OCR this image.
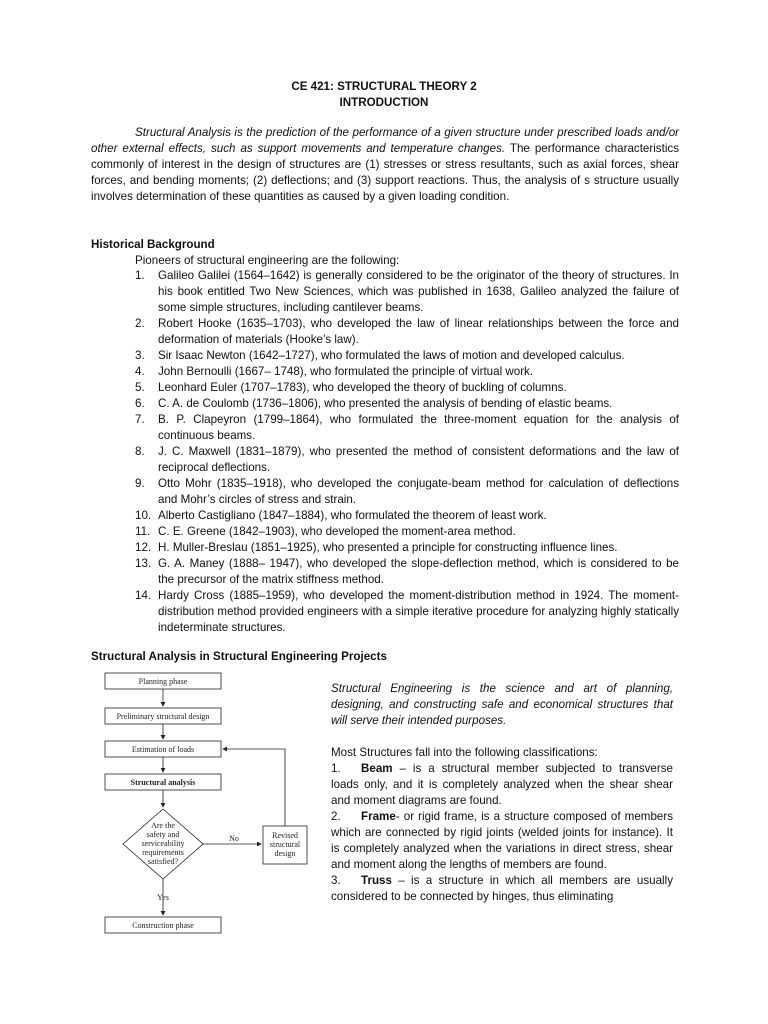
CE 421: STRUCTURAL THEORY 2
INTRODUCTION

Structural Analysis is the prediction of the performance of a given structure under prescribed loads and/or other external effects, such as support movements and temperature changes. The performance characteristics commonly of interest in the design of structures are (1) stresses or stress resultants, such as axial forces, shear forces, and bending moments; (2) deflections; and (3) support reactions. Thus, the analysis of s structure usually involves determination of these quantities as caused by a given loading condition.

Historical Background
Pioneers of structural engineering are the following:
1. Galileo Galilei (1564–1642) is generally considered to be the originator of the theory of structures. In his book entitled Two New Sciences, which was published in 1638, Galileo analyzed the failure of some simple structures, including cantilever beams.
2. Robert Hooke (1635–1703), who developed the law of linear relationships between the force and deformation of materials (Hooke’s law).
3. Sir Isaac Newton (1642–1727), who formulated the laws of motion and developed calculus.
4. John Bernoulli (1667– 1748), who formulated the principle of virtual work.
5. Leonhard Euler (1707–1783), who developed the theory of buckling of columns.
6. C. A. de Coulomb (1736–1806), who presented the analysis of bending of elastic beams.
7. B. P. Clapeyron (1799–1864), who formulated the three-moment equation for the analysis of continuous beams.
8. J. C. Maxwell (1831–1879), who presented the method of consistent deformations and the law of reciprocal deflections.
9. Otto Mohr (1835–1918), who developed the conjugate-beam method for calculation of deflections and Mohr’s circles of stress and strain.
10. Alberto Castigliano (1847–1884), who formulated the theorem of least work.
11. C. E. Greene (1842–1903), who developed the moment-area method.
12. H. Muller-Breslau (1851–1925), who presented a principle for constructing influence lines.
13. G. A. Maney (1888– 1947), who developed the slope-deflection method, which is considered to be the precursor of the matrix stiffness method.
14. Hardy Cross (1885–1959), who developed the moment-distribution method in 1924. The moment-distribution method provided engineers with a simple iterative procedure for analyzing highly statically indeterminate structures.
Structural Analysis in Structural Engineering Projects
Planning phase
Preliminary structural design
Estimation of loads
Structural analysis
Are the
safety and
serviceability
requirements
satisfied?
No	Revised
structural
design
Yes
Construction phase

Structural Engineering is the science and art of planning, designing, and constructing safe and economical structures that will serve their intended purposes.

Most Structures fall into the following classifications:

1. Beam – is a structural member subjected to transverse loads only, and it is completely analyzed when the shear shear and moment diagrams are found.

2. Frame- or rigid frame, is a structure composed of members which are connected by rigid joints (welded joints for instance). It is completely analyzed when the variations in direct stress, shear and moment along the lengths of members are found.

3. Truss – is a structure in which all members are usually considered to be connected by hinges, thus eliminating
